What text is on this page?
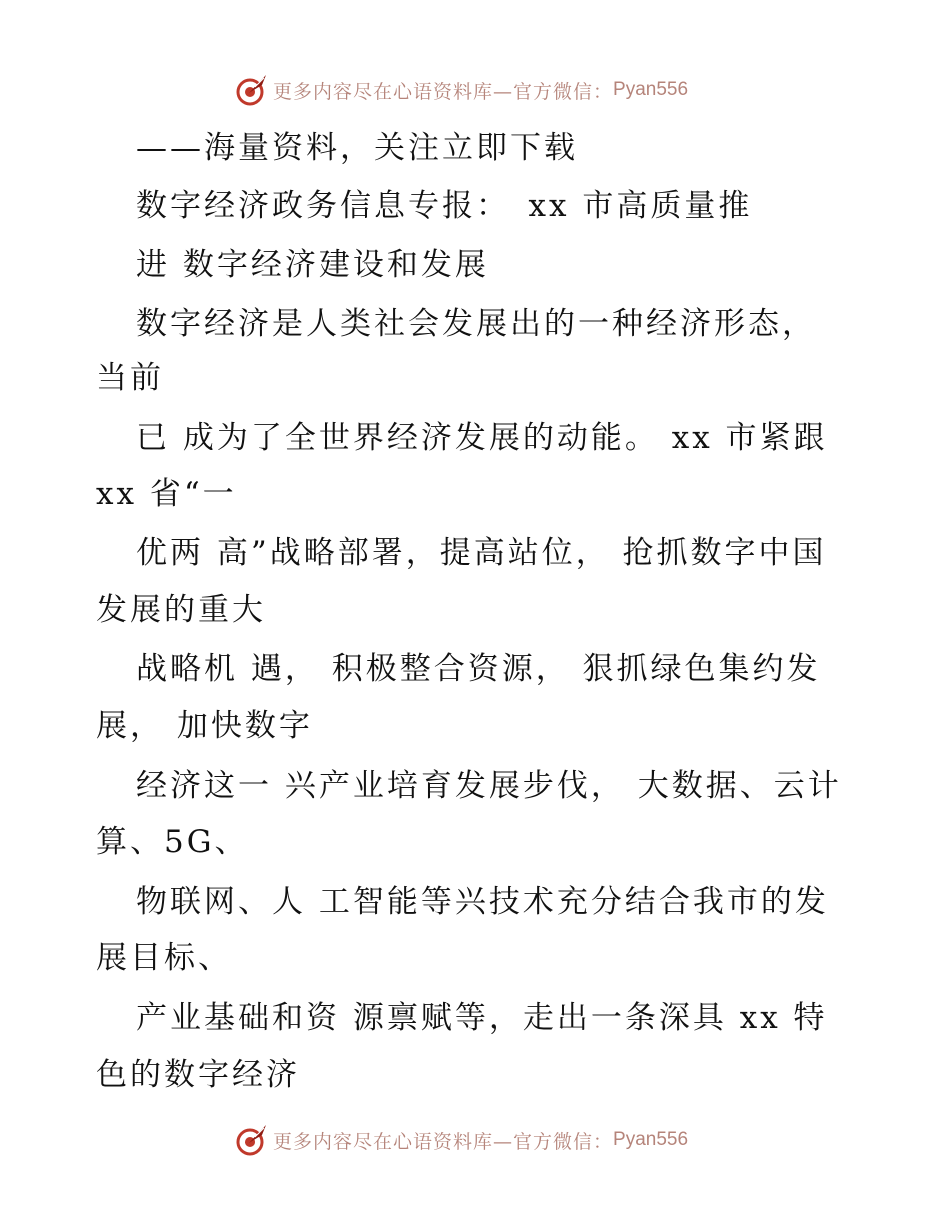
更多内容尽在心语资料库—官方微信： Pyan556
——海量资料，关注立即下载
数字经济政务信息专报：　xx 市高质量推
进 数字经济建设和发展
数字经济是人类社会发展出的一种经济形态，
当前
已 成为了全世界经济发展的动能。 xx 市紧跟
xx 省“一
优两 高”战略部署，提高站位， 抢抓数字中国
发展的重大
战略机 遇， 积极整合资源， 狠抓绿色集约发
展， 加快数字
经济这一 兴产业培育发展步伐， 大数据、云计
算、5G、
物联网、人 工智能等兴技术充分结合我市的发
展目标、
产业基础和资 源禀赋等，走出一条深具 xx 特
色的数字经济
更多内容尽在心语资料库—官方微信： Pyan556
